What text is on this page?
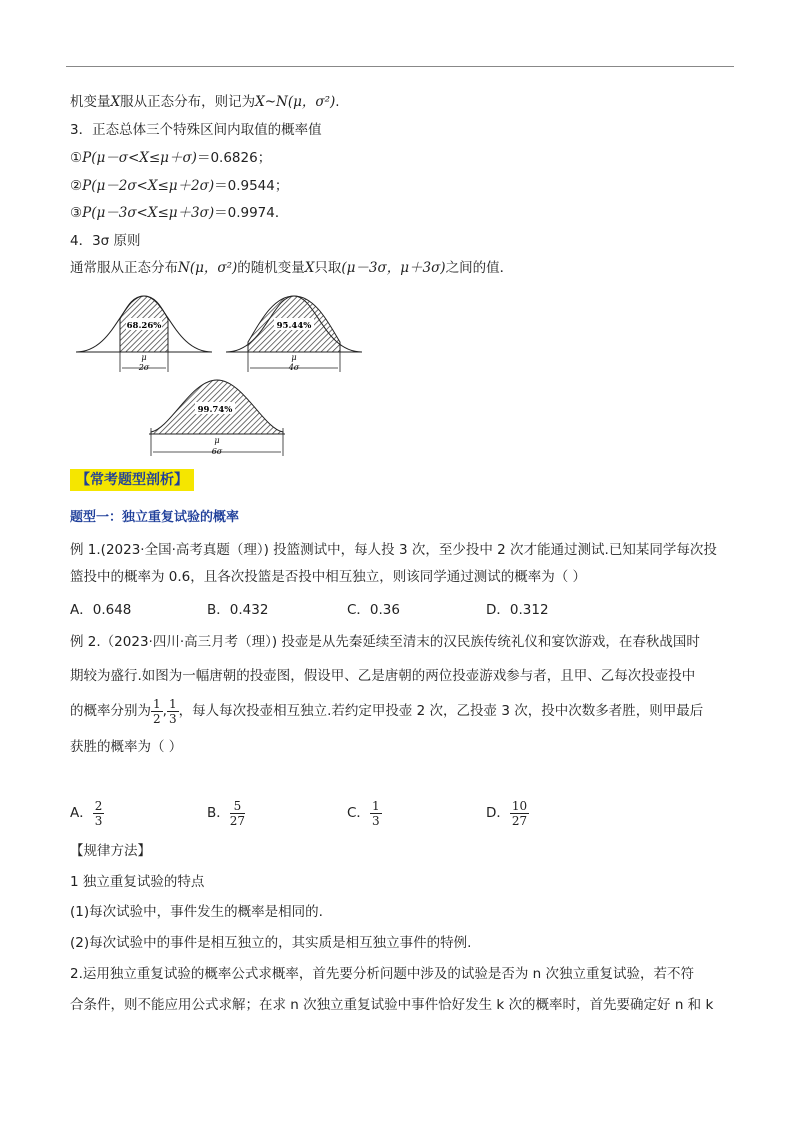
机变量X服从正态分布，则记为X~N(μ，σ²).
3．正态总体三个特殊区间内取值的概率值
①P(μ－σ<X≤μ＋σ)＝0.6826；
②P(μ－2σ<X≤μ＋2σ)＝0.9544；
③P(μ－3σ<X≤μ＋3σ)＝0.9974．
4．3σ 原则
通常服从正态分布N(μ，σ²)的随机变量X只取(μ－3σ，μ＋3σ)之间的值．
68.26%
μ
2σ
95.44%
μ
4σ
99.74%
μ
6σ
【常考题型剖析】
题型一：独立重复试验的概率
例 1.(2023·全国·高考真题（理）) 投篮测试中，每人投 3 次，至少投中 2 次才能通过测试.已知某同学每次投
篮投中的概率为 0.6，且各次投篮是否投中相互独立，则该同学通过测试的概率为（ ）
A．0.648	B．0.432	C．0.36	D．0.312
例 2.（2023·四川·高三月考（理）) 投壶是从先秦延续至清末的汉民族传统礼仪和宴饮游戏，在春秋战国时
期较为盛行.如图为一幅唐朝的投壶图，假设甲、乙是唐朝的两位投壶游戏参与者，且甲、乙每次投壶投中
的概率分别为 $\frac{1}{2}$ , $\frac{1}{3}$ ，每人每次投壶相互独立.若约定甲投壶 2 次，乙投壶 3 次，投中次数多者胜，则甲最后
获胜的概率为（ ）
A． $\frac{2}{3}$	B． $\frac{5}{27}$	C． $\frac{1}{3}$	D． $\frac{10}{27}$
【规律方法】
1 独立重复试验的特点
(1)每次试验中，事件发生的概率是相同的.
(2)每次试验中的事件是相互独立的，其实质是相互独立事件的特例.
2.运用独立重复试验的概率公式求概率，首先要分析问题中涉及的试验是否为 n 次独立重复试验，若不符
合条件，则不能应用公式求解；在求 n 次独立重复试验中事件恰好发生 k 次的概率时，首先要确定好 n 和 k
